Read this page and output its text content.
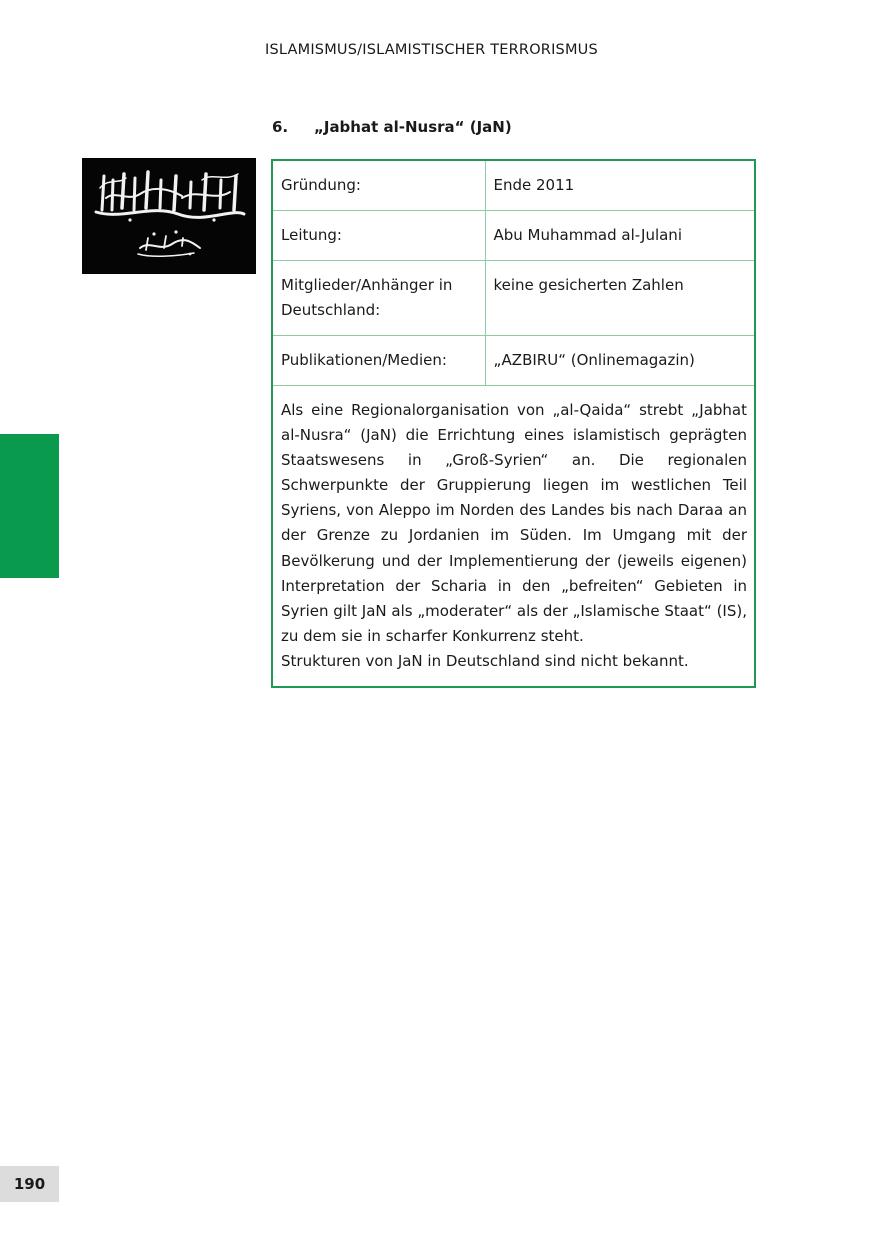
ISLAMISMUS/ISLAMISTISCHER TERRORISMUS
6. „Jabhat al-Nusra“ (JaN)
Gründung:	Ende 2011
Leitung:	Abu Muhammad al-Julani
Mitglieder/Anhänger in Deutschland:	keine gesicherten Zahlen
Publikationen/Medien:	„AZBIRU“ (Onlinemagazin)

Als eine Regionalorganisation von „al-Qaida“ strebt „Jabhat al-Nusra“ (JaN) die Errichtung eines islamistisch geprägten Staatswesens in „Groß-Syrien“ an. Die regionalen Schwerpunkte der Gruppierung liegen im westlichen Teil Syriens, von Aleppo im Norden des Landes bis nach Daraa an der Grenze zu Jordanien im Süden. Im Umgang mit der Bevölkerung und der Implementierung der (jeweils eigenen) Interpretation der Scharia in den „befreiten“ Gebieten in Syrien gilt JaN als „moderater“ als der „Islamische Staat“ (IS), zu dem sie in scharfer Konkurrenz steht.

Strukturen von JaN in Deutschland sind nicht bekannt.

190
